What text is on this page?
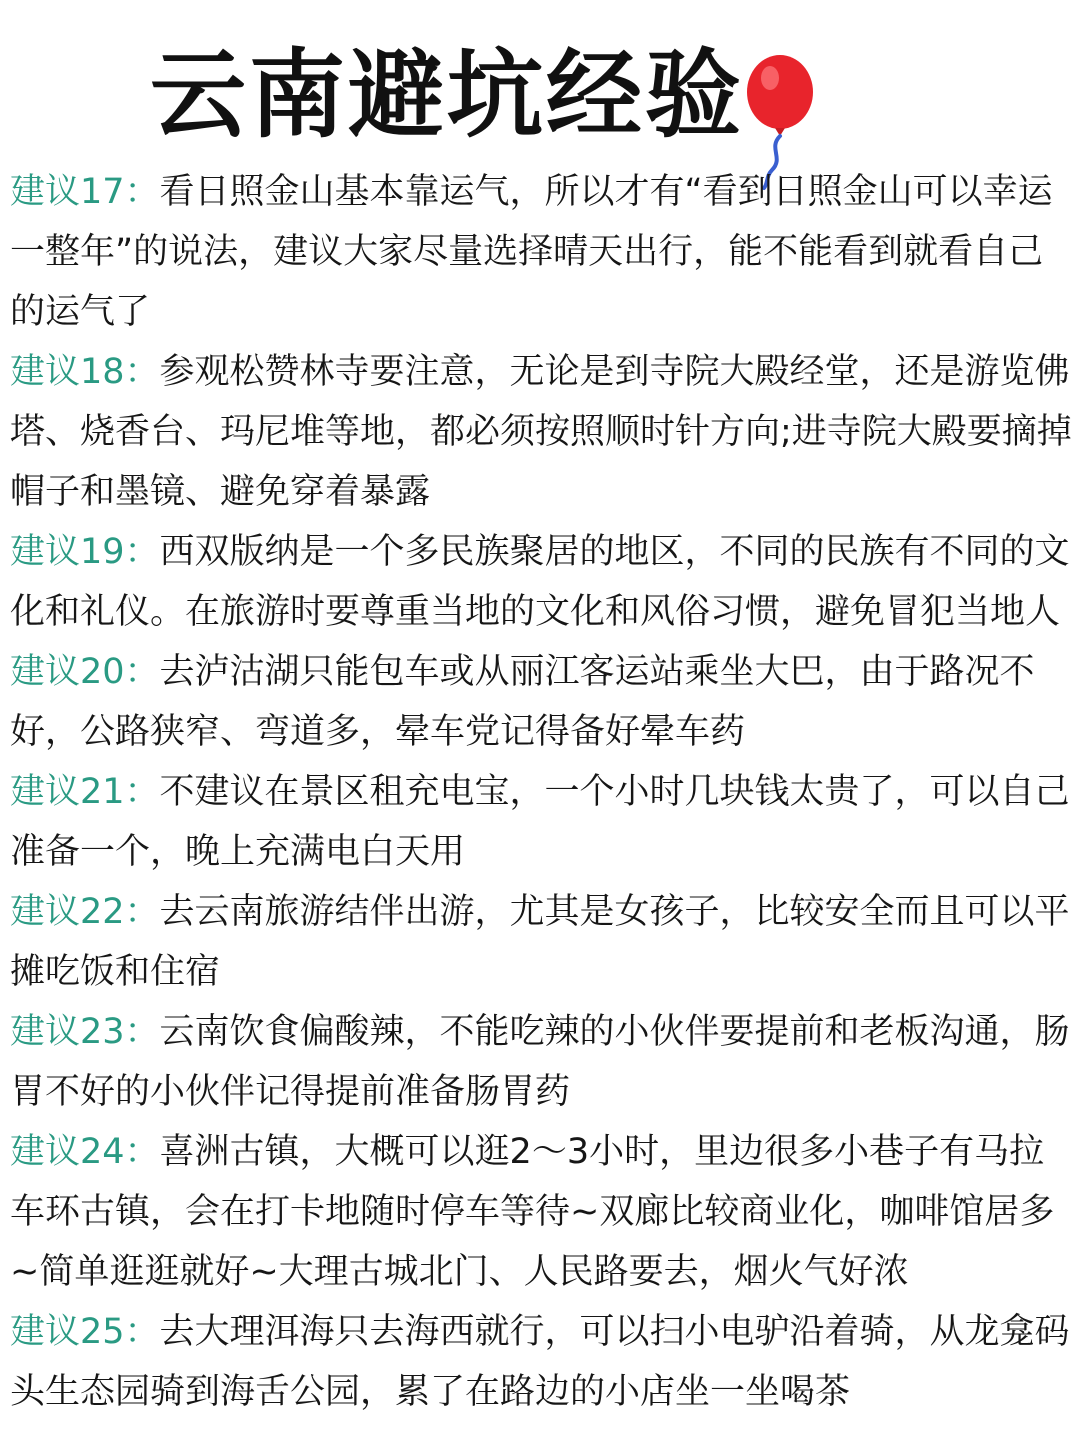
云南避坑经验

建议17：看日照金山基本靠运气，所以才有“看到日照金山可以幸运一整年”的说法，建议大家尽量选择晴天出行，能不能看到就看自己的运气了

建议18：参观松赞林寺要注意，无论是到寺院大殿经堂，还是游览佛塔、烧香台、玛尼堆等地，都必须按照顺时针方向;进寺院大殿要摘掉帽子和墨镜、避免穿着暴露

建议19：西双版纳是一个多民族聚居的地区，不同的民族有不同的文化和礼仪。在旅游时要尊重当地的文化和风俗习惯，避免冒犯当地人

建议20：去泸沽湖只能包车或从丽江客运站乘坐大巴，由于路况不好，公路狭窄、弯道多，晕车党记得备好晕车药

建议21：不建议在景区租充电宝，一个小时几块钱太贵了，可以自己准备一个，晚上充满电白天用

建议22：去云南旅游结伴出游，尤其是女孩子，比较安全而且可以平摊吃饭和住宿

建议23：云南饮食偏酸辣，不能吃辣的小伙伴要提前和老板沟通，肠胃不好的小伙伴记得提前准备肠胃药

建议24：喜洲古镇，大概可以逛2～3小时，里边很多小巷子有马拉车环古镇，会在打卡地随时停车等待~双廊比较商业化，咖啡馆居多~简单逛逛就好~大理古城北门、人民路要去，烟火气好浓

建议25：去大理洱海只去海西就行，可以扫小电驴沿着骑，从龙龛码头生态园骑到海舌公园，累了在路边的小店坐一坐喝茶
